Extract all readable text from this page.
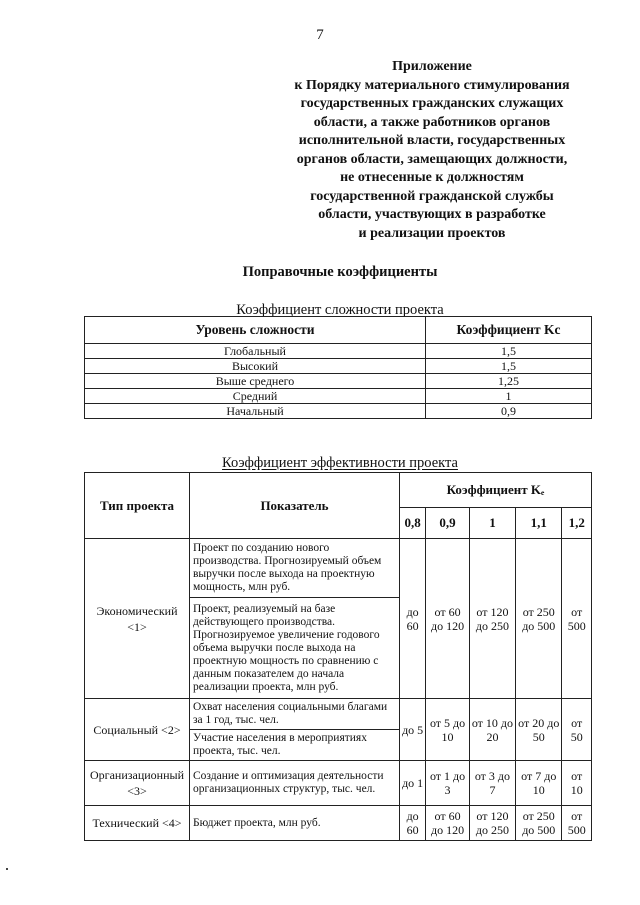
7
Приложение
к Порядку материального стимулирования
государственных гражданских служащих
области, а также работников органов
исполнительной власти, государственных
органов области, замещающих должности,
не отнесенные к должностям
государственной гражданской службы
области, участвующих в разработке
и реализации проектов
Поправочные коэффициенты
Коэффициент сложности проекта
Уровень сложности	Коэффициент Kc
Глобальный	1,5
Высокий	1,5
Выше среднего	1,25
Средний	1
Начальный	0,9
Коэффициент эффективности проекта
Тип проекта	Показатель	Коэффициент Kₑ				
		0,8	0,9	1	1,1	1,2
Экономический <1>	Проект по созданию нового производства. Прогнозируемый объем выручки после выхода на проектную мощность, млн руб.	до 60	от 60 до 120	от 120 до 250	от 250 до 500	от 500
	Проект, реализуемый на базе действующего производства. Прогнозируемое увеличение годового объема выручки после выхода на проектную мощность по сравнению с данным показателем до начала реализации проекта, млн руб.					
Социальный <2>	Охват населения социальными благами за 1 год, тыс. чел.	до 5	от 5 до 10	от 10 до 20	от 20 до 50	от 50
	Участие населения в мероприятиях проекта, тыс. чел.					
Организационный <3>	Создание и оптимизация деятельности организационных структур, тыс. чел.	до 1	от 1 до 3	от 3 до 7	от 7 до 10	от 10
Технический <4>	Бюджет проекта, млн руб.	до 60	от 60 до 120	от 120 до 250	от 250 до 500	от 500
